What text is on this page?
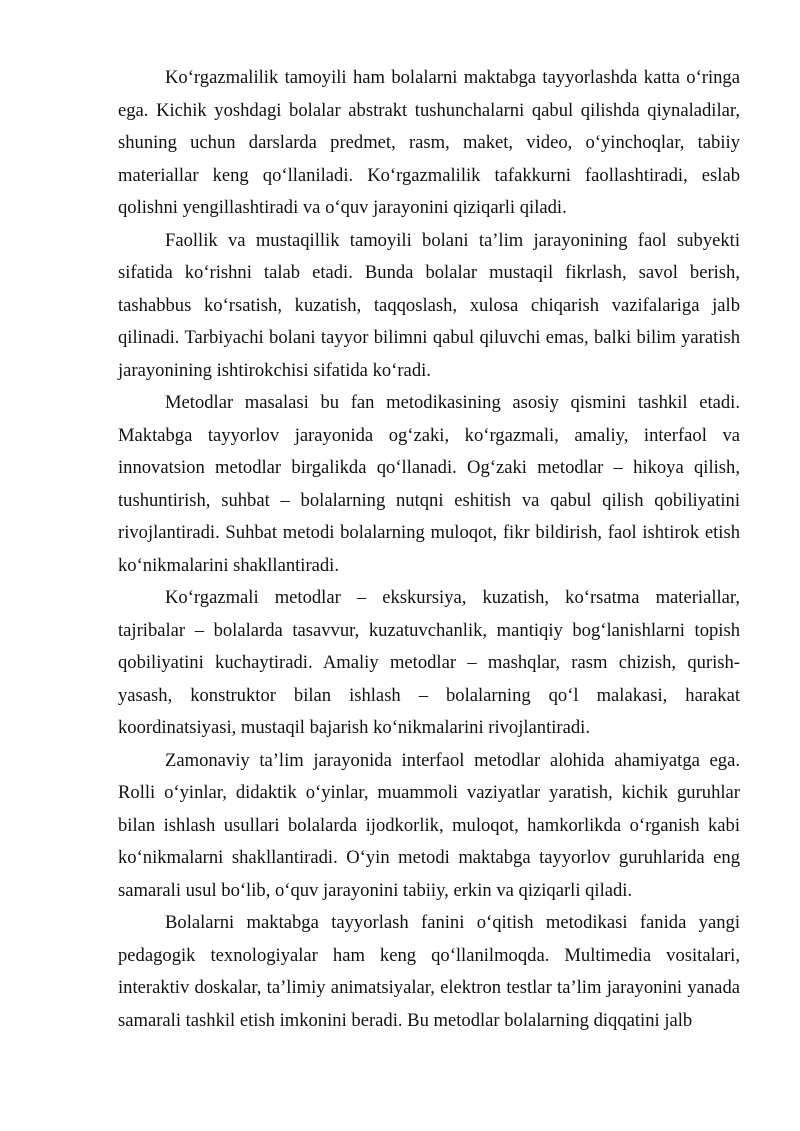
Koʻrgazmalilik tamoyili ham bolalarni maktabga tayyorlashda katta oʻringa ega. Kichik yoshdagi bolalar abstrakt tushunchalarni qabul qilishda qiynaladilar, shuning uchun darslarda predmet, rasm, maket, video, oʻyinchoqlar, tabiiy materiallar keng qoʻllaniladi. Koʻrgazmalilik tafakkurni faollashtiradi, eslab qolishni yengillashtiradi va oʻquv jarayonini qiziqarli qiladi.

Faollik va mustaqillik tamoyili bolani taʼlim jarayonining faol subyekti sifatida koʻrishni talab etadi. Bunda bolalar mustaqil fikrlash, savol berish, tashabbus koʻrsatish, kuzatish, taqqoslash, xulosa chiqarish vazifalariga jalb qilinadi. Tarbiyachi bolani tayyor bilimni qabul qiluvchi emas, balki bilim yaratish jarayonining ishtirokchisi sifatida koʻradi.

Metodlar masalasi bu fan metodikasining asosiy qismini tashkil etadi. Maktabga tayyorlov jarayonida ogʻzaki, koʻrgazmali, amaliy, interfaol va innovatsion metodlar birgalikda qoʻllanadi. Ogʻzaki metodlar – hikoya qilish, tushuntirish, suhbat – bolalarning nutqni eshitish va qabul qilish qobiliyatini rivojlantiradi. Suhbat metodi bolalarning muloqot, fikr bildirish, faol ishtirok etish koʻnikmalarini shakllantiradi.

Koʻrgazmali metodlar – ekskursiya, kuzatish, koʻrsatma materiallar, tajribalar – bolalarda tasavvur, kuzatuvchanlik, mantiqiy bogʻlanishlarni topish qobiliyatini kuchaytiradi. Amaliy metodlar – mashqlar, rasm chizish, qurish-yasash, konstruktor bilan ishlash – bolalarning qoʻl malakasi, harakat koordinatsiyasi, mustaqil bajarish koʻnikmalarini rivojlantiradi.

Zamonaviy taʼlim jarayonida interfaol metodlar alohida ahamiyatga ega. Rolli oʻyinlar, didaktik oʻyinlar, muammoli vaziyatlar yaratish, kichik guruhlar bilan ishlash usullari bolalarda ijodkorlik, muloqot, hamkorlikda oʻrganish kabi koʻnikmalarni shakllantiradi. Oʻyin metodi maktabga tayyorlov guruhlarida eng samarali usul boʻlib, oʻquv jarayonini tabiiy, erkin va qiziqarli qiladi.

Bolalarni maktabga tayyorlash fanini oʻqitish metodikasi fanida yangi pedagogik texnologiyalar ham keng qoʻllanilmoqda. Multimedia vositalari, interaktiv doskalar, taʼlimiy animatsiyalar, elektron testlar taʼlim jarayonini yanada samarali tashkil etish imkonini beradi. Bu metodlar bolalarning diqqatini jalb
